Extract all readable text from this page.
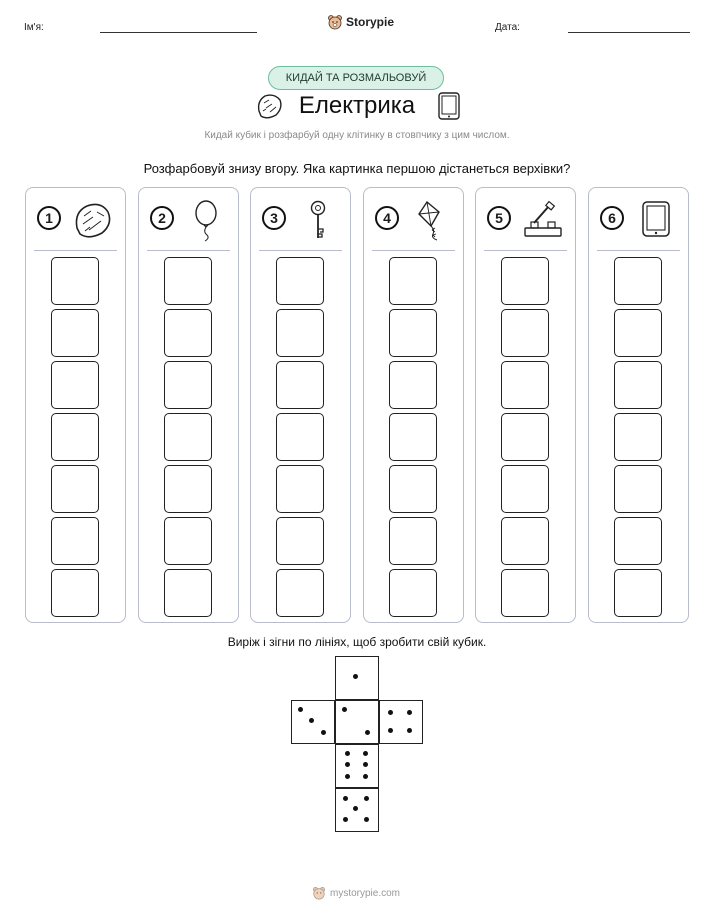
Ім'я:	Storypie	Дата:
КИДАЙ ТА РОЗМАЛЬОВУЙ
Електрика
Кидай кубик і розфарбуй одну клітинку в стовпчику з цим числом.
Розфарбовуй знизу вгору. Яка картинка першою дістанеться верхівки?
1	2	3	4	5	6
Виріж і зігни по лініях, щоб зробити свій кубик.
mystorypie.com
